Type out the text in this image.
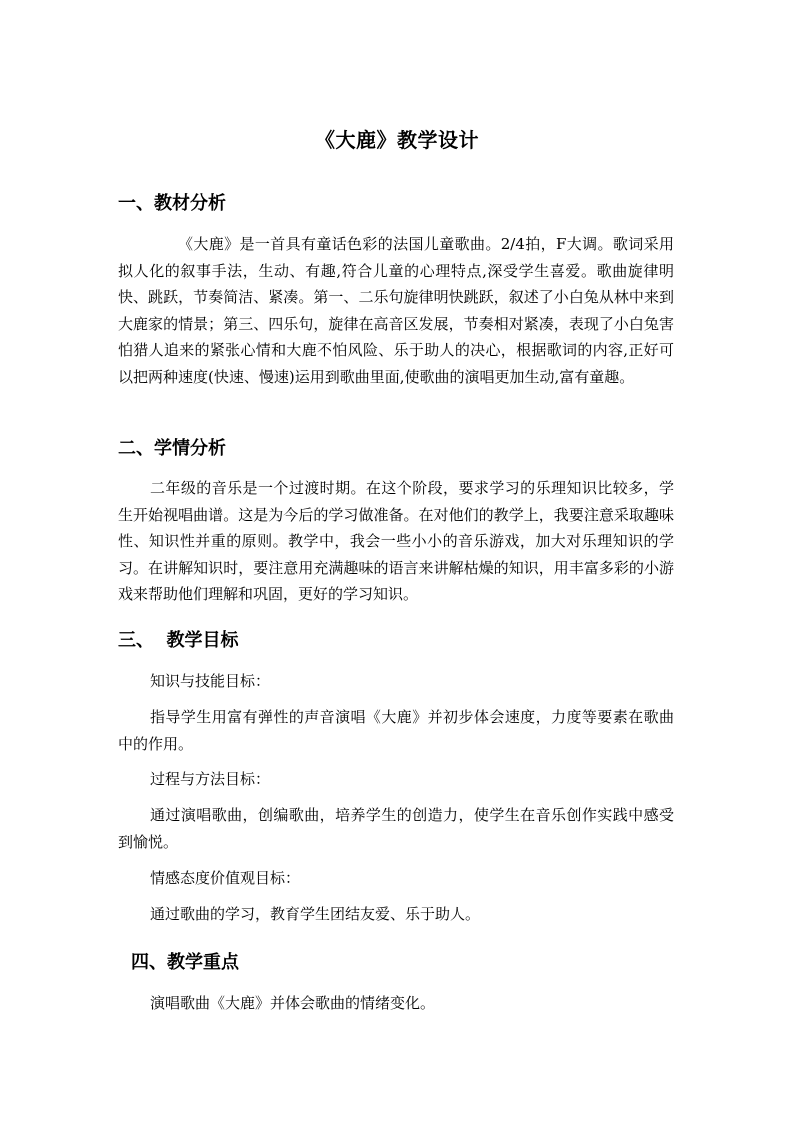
《大鹿》教学设计
一、教材分析
《大鹿》是一首具有童话色彩的法国儿童歌曲。2/4拍，F大调。歌词采用拟人化的叙事手法，生动、有趣,符合儿童的心理特点,深受学生喜爱。歌曲旋律明快、跳跃，节奏简洁、紧凑。第一、二乐句旋律明快跳跃，叙述了小白兔从林中来到大鹿家的情景；第三、四乐句，旋律在高音区发展，节奏相对紧凑，表现了小白兔害怕猎人追来的紧张心情和大鹿不怕风险、乐于助人的决心，根据歌词的内容,正好可以把两种速度(快速、慢速)运用到歌曲里面,使歌曲的演唱更加生动,富有童趣。
二、学情分析
二年级的音乐是一个过渡时期。在这个阶段，要求学习的乐理知识比较多，学生开始视唱曲谱。这是为今后的学习做准备。在对他们的教学上，我要注意采取趣味性、知识性并重的原则。教学中，我会一些小小的音乐游戏，加大对乐理知识的学习。在讲解知识时，要注意用充满趣味的语言来讲解枯燥的知识，用丰富多彩的小游戏来帮助他们理解和巩固，更好的学习知识。
三、  教学目标
知识与技能目标：
指导学生用富有弹性的声音演唱《大鹿》并初步体会速度，力度等要素在歌曲中的作用。
过程与方法目标：
通过演唱歌曲，创编歌曲，培养学生的创造力，使学生在音乐创作实践中感受到愉悦。
情感态度价值观目标：
通过歌曲的学习，教育学生团结友爱、乐于助人。
四、教学重点
演唱歌曲《大鹿》并体会歌曲的情绪变化。
